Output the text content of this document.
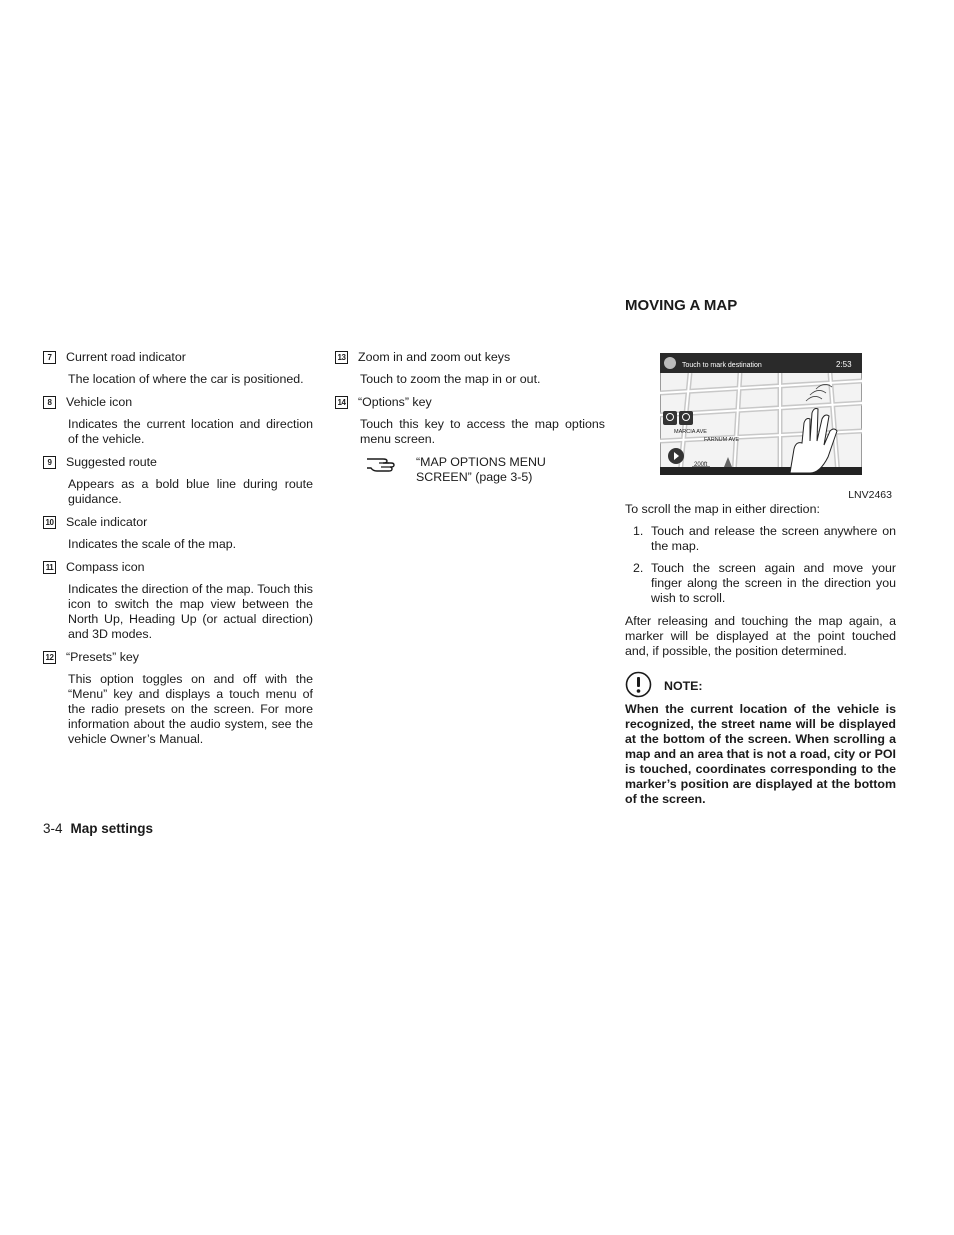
7	Current road indicator
The location of where the car is positioned.
8	Vehicle icon
Indicates the current location and direction of the vehicle.
9	Suggested route
Appears as a bold blue line during route guidance.
10 Scale indicator
Indicates the scale of the map.
11 Compass icon
Indicates the direction of the map. Touch this icon to switch the map view between the North Up, Heading Up (or actual direction) and 3D modes.
12 “Presets” key
This option toggles on and off with the “Menu” key and displays a touch menu of the radio presets on the screen. For more information about the audio system, see the vehicle Owner’s Manual.
13 Zoom in and zoom out keys
Touch to zoom the map in or out.
14 “Options” key
Touch this key to access the map options menu screen.
“MAP OPTIONS MENU SCREEN” (page 3-5)
MOVING A MAP
Touch to mark destination	2:53
MARCIA AVE
FARNUM AVE
200ft
LNV2463

To scroll the map in either direction:

1. Touch and release the screen anywhere on the map.
2. Touch the screen again and move your finger along the screen in the direction you wish to scroll.

After releasing and touching the map again, a marker will be displayed at the point touched and, if possible, the position determined.

NOTE:
When the current location of the vehicle is recognized, the street name will be displayed at the bottom of the screen. When scrolling a map and an area that is not a road, city or POI is touched, coordinates corresponding to the marker’s position are displayed at the bottom of the screen.
3-4 Map settings
